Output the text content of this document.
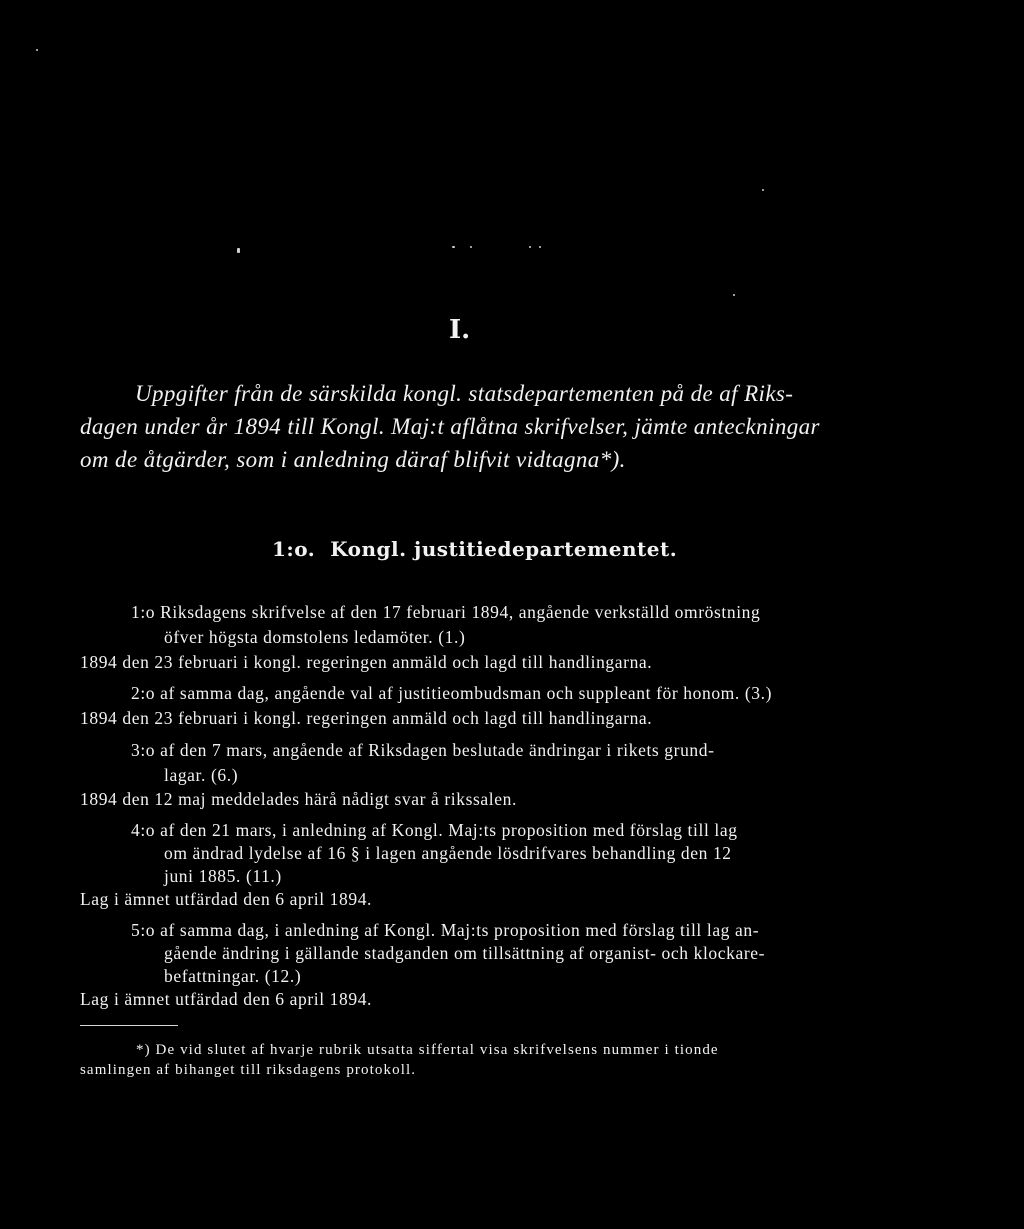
I.

Uppgifter från de särskilda kongl. statsdepartementen på de af Riks-
dagen under år 1894 till Kongl. Maj:t aflåtna skrifvelser, jämte anteckningar
om de åtgärder, som i anledning däraf blifvit vidtagna*).

1:o. Kongl. justitiedepartementet.
1:o Riksdagens skrifvelse af den 17 februari 1894, angående verkställd omröstning
öfver högsta domstolens ledamöter. (1.)
1894 den 23 februari i kongl. regeringen anmäld och lagd till handlingarna.
2:o af samma dag, angående val af justitieombudsman och suppleant för honom. (3.)
1894 den 23 februari i kongl. regeringen anmäld och lagd till handlingarna.
3:o af den 7 mars, angående af Riksdagen beslutade ändringar i rikets grund-
lagar. (6.)
1894 den 12 maj meddelades härå nådigt svar å rikssalen.
4:o af den 21 mars, i anledning af Kongl. Maj:ts proposition med förslag till lag
om ändrad lydelse af 16 § i lagen angående lösdrifvares behandling den 12
juni 1885. (11.)
Lag i ämnet utfärdad den 6 april 1894.
5:o af samma dag, i anledning af Kongl. Maj:ts proposition med förslag till lag an-
gående ändring i gällande stadganden om tillsättning af organist- och klockare-
befattningar. (12.)
Lag i ämnet utfärdad den 6 april 1894.

*) De vid slutet af hvarje rubrik utsatta siffertal visa skrifvelsens nummer i tionde
samlingen af bihanget till riksdagens protokoll.
